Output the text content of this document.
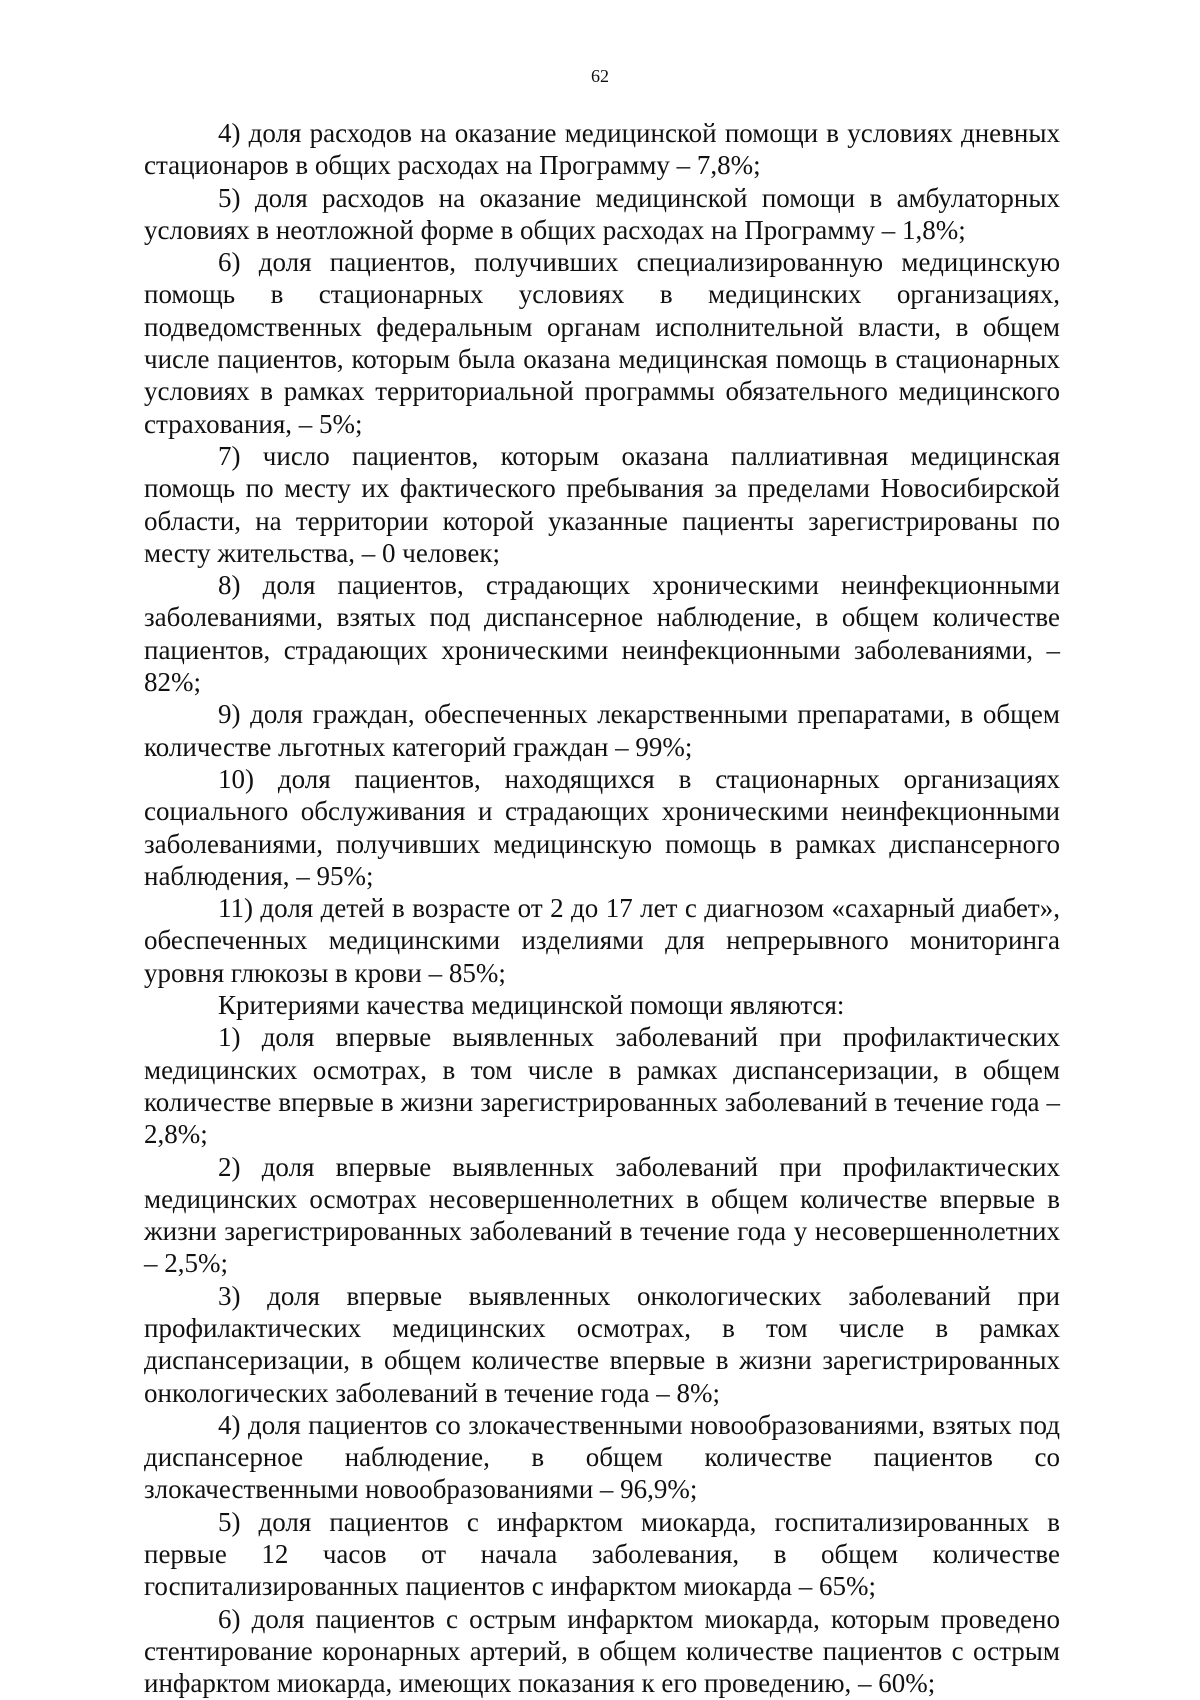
62

4) доля расходов на оказание медицинской помощи в условиях дневных стационаров в общих расходах на Программу – 7,8%;

5) доля расходов на оказание медицинской помощи в амбулаторных условиях в неотложной форме в общих расходах на Программу – 1,8%;

6) доля пациентов, получивших специализированную медицинскую помощь в стационарных условиях в медицинских организациях, подведомственных федеральным органам исполнительной власти, в общем числе пациентов, которым была оказана медицинская помощь в стационарных условиях в рамках территориальной программы обязательного медицинского страхования, – 5%;

7) число пациентов, которым оказана паллиативная медицинская помощь по месту их фактического пребывания за пределами Новосибирской области, на территории которой указанные пациенты зарегистрированы по месту жительства, – 0 человек;

8) доля пациентов, страдающих хроническими неинфекционными заболеваниями, взятых под диспансерное наблюдение, в общем количестве пациентов, страдающих хроническими неинфекционными заболеваниями, – 82%;

9) доля граждан, обеспеченных лекарственными препаратами, в общем количестве льготных категорий граждан – 99%;

10) доля пациентов, находящихся в стационарных организациях социального обслуживания и страдающих хроническими неинфекционными заболеваниями, получивших медицинскую помощь в рамках диспансерного наблюдения, – 95%;

11) доля детей в возрасте от 2 до 17 лет с диагнозом «сахарный диабет», обеспеченных медицинскими изделиями для непрерывного мониторинга уровня глюкозы в крови – 85%;

Критериями качества медицинской помощи являются:

1) доля впервые выявленных заболеваний при профилактических медицинских осмотрах, в том числе в рамках диспансеризации, в общем количестве впервые в жизни зарегистрированных заболеваний в течение года – 2,8%;

2) доля впервые выявленных заболеваний при профилактических медицинских осмотрах несовершеннолетних в общем количестве впервые в жизни зарегистрированных заболеваний в течение года у несовершеннолетних – 2,5%;

3) доля впервые выявленных онкологических заболеваний при профилактических медицинских осмотрах, в том числе в рамках диспансеризации, в общем количестве впервые в жизни зарегистрированных онкологических заболеваний в течение года – 8%;

4) доля пациентов со злокачественными новообразованиями, взятых под диспансерное наблюдение, в общем количестве пациентов со злокачественными новообразованиями – 96,9%;

5) доля пациентов с инфарктом миокарда, госпитализированных в первые 12 часов от начала заболевания, в общем количестве госпитализированных пациентов с инфарктом миокарда – 65%;

6) доля пациентов с острым инфарктом миокарда, которым проведено стентирование коронарных артерий, в общем количестве пациентов с острым инфарктом миокарда, имеющих показания к его проведению, – 60%;
